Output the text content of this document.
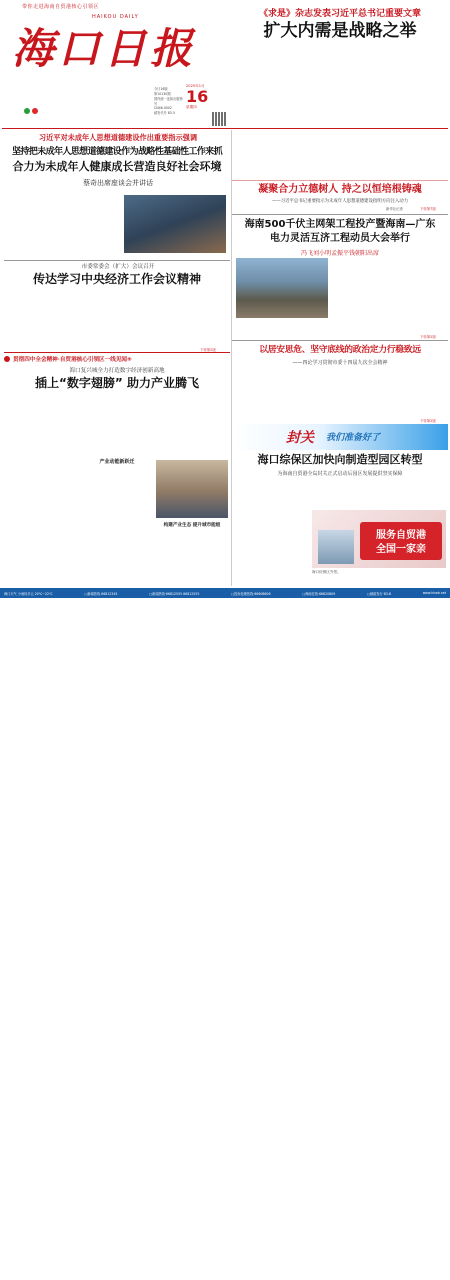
带你走进海南自贸港核心引领区
海口日报
HAIKOU DAILY
今日16版
第10130期
国内统一连续出版物号
CN46-0002
邮发代号 83-5
2025年1月
16
星期四
《求是》杂志发表习近平总书记重要文章
扩大内需是战略之举
习近平对未成年人思想道德建设作出重要指示强调
坚持把未成年人思想道德建设作为战略性基础性工作来抓
合力为未成年人健康成长营造良好社会环境
蔡奇出席座谈会并讲话
凝聚合力立德树人 持之以恒培根铸魂
——习近平总书记重要指示为未成年人思想道德建设指明方向注入动力
新华社记者	下转第7版
海南500千伏主网架工程投产暨海南—广东
电力灵活互济工程动员大会举行
冯飞刘小明孟振平钱朝阳出席
下转第2版
以居安思危、坚守底线的政治定力行稳致远
——四论学习贯彻市委十四届九次全会精神
下转第2版
市委常委会（扩大）会议召开
传达学习中央经济工作会议精神
下转第2版
贯彻四中全会精神·自贸港核心引领区一线见闻⑨
海口复兴城全力打造数字经济创新高地
插上“数字翅膀” 助力产业腾飞
产业动能新跃迁
构建产业生态 提升城市能级
封关 我们准备好了
海口综保区加快向制造型园区转型
为海南自贸港全岛封关正式启动后园区发展提供坚实保障
服务自贸港
全国一家亲
海口综保区外景。
海口天气 小雨转多云 20℃~22℃	□新闻热线 66812345	□新闻热线·66812555 66812555	□投诉处理热线·66608606	□海南在线·66820809	□邮政发行·83-8	www.hkwb.net
